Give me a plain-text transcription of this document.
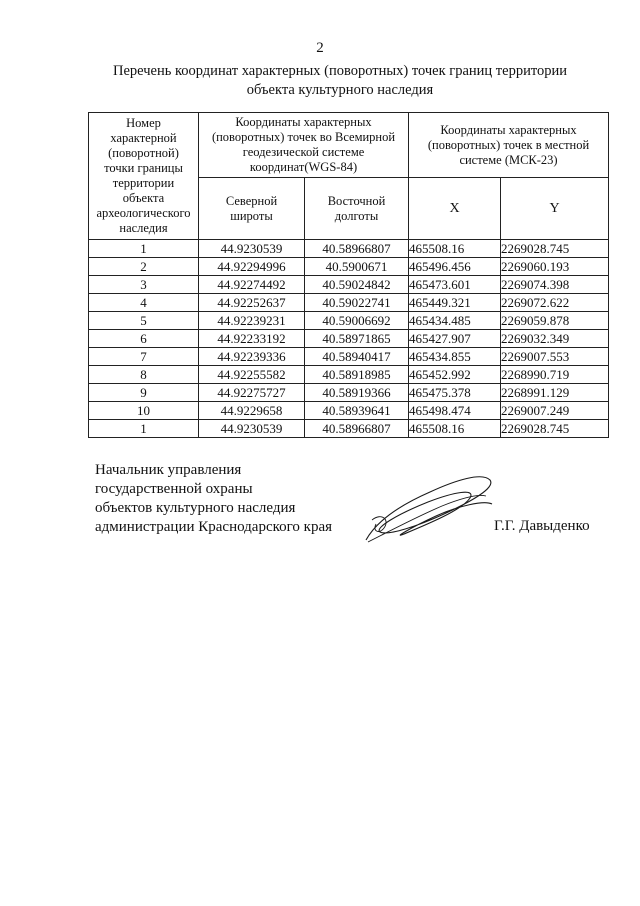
2
Перечень координат характерных (поворотных) точек границ территории
объекта культурного наследия
Номер характерной (поворотной) точки границы территории объекта археологического наследия	Координаты характерных (поворотных) точек во Всемирной геодезической системе координат(WGS-84)		Координаты характерных (поворотных) точек в местной системе (МСК-23)	
	Северной широты	Восточной долготы	X	Y
1	44.9230539	40.58966807	465508.16	2269028.745
2	44.92294996	40.5900671	465496.456	2269060.193
3	44.92274492	40.59024842	465473.601	2269074.398
4	44.92252637	40.59022741	465449.321	2269072.622
5	44.92239231	40.59006692	465434.485	2269059.878
6	44.92233192	40.58971865	465427.907	2269032.349
7	44.92239336	40.58940417	465434.855	2269007.553
8	44.92255582	40.58918985	465452.992	2268990.719
9	44.92275727	40.58919366	465475.378	2268991.129
10	44.9229658	40.58939641	465498.474	2269007.249
1	44.9230539	40.58966807	465508.16	2269028.745
Начальник управления
государственной охраны
объектов культурного наследия
администрации Краснодарского края	Г.Г. Давыденко
